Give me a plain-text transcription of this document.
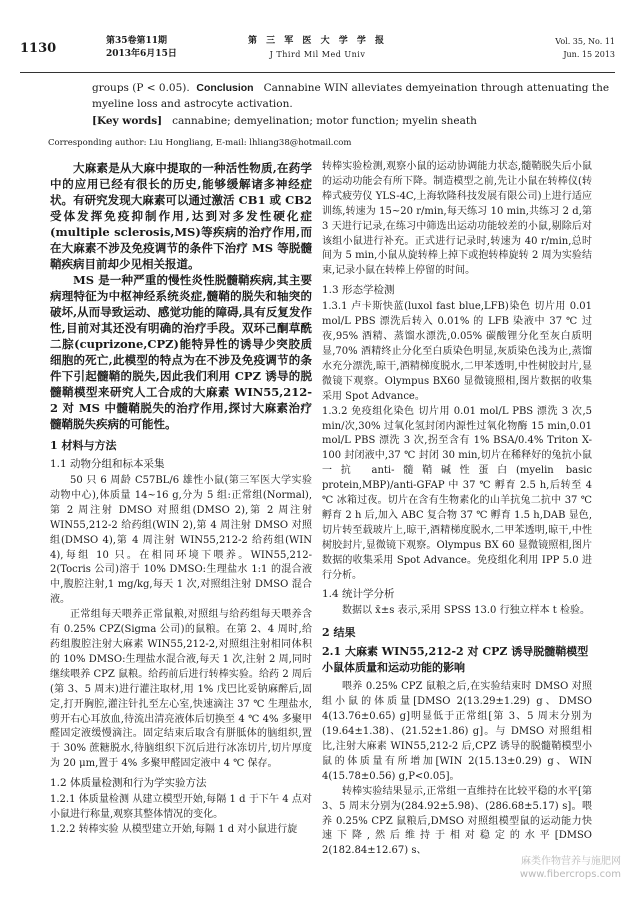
1130	第35卷第11期
2013年6月15日
第 三 军 医 大 学 学 报
J Third Mil Med Univ
Vol. 35, No. 11
Jun. 15 2013
groups (P < 0.05). Conclusion Cannabine WIN alleviates demyeination through attenuating the myeline loss and astrocyte activation.
[Key words] cannabine; demyelination; motor function; myelin sheath
Corresponding author: Liu Hongliang, E-mail: lhliang38@hotmail.com

大麻素是从大麻中提取的一种活性物质,在药学中的应用已经有很长的历史,能够缓解诸多神经症状。有研究发现大麻素可以通过激活 CB1 或 CB2 受体发挥免疫抑制作用,达到对多发性硬化症(multiple sclerosis,MS)等疾病的治疗作用,而在大麻素不涉及免疫调节的条件下治疗 MS 等脱髓鞘疾病目前却少见相关报道。

MS 是一种严重的慢性炎性脱髓鞘疾病,其主要病理特征为中枢神经系统炎症,髓鞘的脱失和轴突的破坏,从而导致运动、感觉功能的障碍,具有反复发作性,目前对其还没有明确的治疗手段。双环己酮草酰二腙(cuprizone,CPZ)能特异性的诱导少突胶质细胞的死亡,此模型的特点为在不涉及免疫调节的条件下引起髓鞘的脱失,因此我们利用 CPZ 诱导的脱髓鞘模型来研究人工合成的大麻素 WIN55,212-2 对 MS 中髓鞘脱失的治疗作用,探讨大麻素治疗髓鞘脱失疾病的可能性。

1 材料与方法
1.1 动物分组和标本采集

50 只 6 周龄 C57BL/6 雄性小鼠(第三军医大学实验动物中心),体质量 14~16 g,分为 5 组:正常组(Normal),第 2 周注射 DMSO 对照组(DMSO 2),第 2 周注射 WIN55,212-2 给药组(WIN 2),第 4 周注射 DMSO 对照组(DMSO 4),第 4 周注射 WIN55,212-2 给药组(WIN 4),每组 10 只。在相同环境下喂养。WIN55,212-2(Tocris 公司)溶于 10% DMSO:生理盐水 1:1 的混合液中,腹腔注射,1 mg/kg,每天 1 次,对照组注射 DMSO 混合液。

正常组每天喂养正常鼠粮,对照组与给药组每天喂养含有 0.25% CPZ(Sigma 公司)的鼠粮。在第 2、4 周时,给药组腹腔注射大麻素 WIN55,212-2,对照组注射相同体积的 10% DMSO:生理盐水混合液,每天 1 次,注射 2 周,同时继续喂养 CPZ 鼠粮。给药前后进行转棒实验。给药 2 周后(第 3、5 周末)进行灌注取材,用 1% 戊巴比妥钠麻醉后,固定,打开胸腔,灌注针扎至左心室,快速滴注 37 ℃ 生理盐水,剪开右心耳放血,待流出清亮液体后切换至 4 ℃ 4% 多聚甲醛固定液缓慢滴注。固定结束后取含有胼胝体的脑组织,置于 30% 蔗糖脱水,待脑组织下沉后进行冰冻切片,切片厚度为 20 μm,置于 4% 多聚甲醛固定液中 4 ℃ 保存。

1.2 体质量检测和行为学实验方法

1.2.1 体质量检测 从建立模型开始,每隔 1 d 于下午 4 点对小鼠进行称量,观察其整体情况的变化。

1.2.2 转棒实验 从模型建立开始,每隔 1 d 对小鼠进行旋

转棒实验检测,观察小鼠的运动协调能力状态,髓鞘脱失后小鼠的运动功能会有所下降。制造模型之前,先让小鼠在转棒仪(转棒式疲劳仪 YLS-4C,上海软隆科技发展有限公司)上进行适应训练,转速为 15~20 r/min,每天练习 10 min,共练习 2 d,第 3 天进行记录,在练习中筛选出运动功能较差的小鼠,剔除后对该组小鼠进行补充。正式进行记录时,转速为 40 r/min,总时间为 5 min,小鼠从旋转棒上掉下或抱转棒旋转 2 周为实验结束,记录小鼠在转棒上停留的时间。

1.3 形态学检测

1.3.1 卢卡斯快蓝(luxol fast blue,LFB)染色 切片用 0.01 mol/L PBS 漂洗后转入 0.01% 的 LFB 染液中 37 ℃ 过夜,95% 酒精、蒸馏水漂洗,0.05% 碳酸锂分化至灰白质明显,70% 酒精终止分化至白质染色明显,灰质染色浅为止,蒸馏水充分漂洗,晾干,酒精梯度脱水,二甲苯透明,中性树胶封片,显微镜下观察。Olympus BX60 显微镜照相,图片数据的收集采用 Spot Advance。

1.3.2 免疫组化染色 切片用 0.01 mol/L PBS 漂洗 3 次,5 min/次,30% 过氧化氢封闭内源性过氧化物酶 15 min,0.01 mol/L PBS 漂洗 3 次,拐至含有 1% BSA/0.4% Triton X-100 封闭液中,37 ℃ 封闭 30 min,切片在稀释好的兔抗小鼠一抗 anti-髓鞘碱性蛋白(myelin basic protein,MBP)/anti-GFAP 中 37 ℃ 孵育 2.5 h,后转至 4 ℃ 冰箱过夜。切片在含有生物素化的山羊抗兔二抗中 37 ℃ 孵育 2 h 后,加入 ABC 复合物 37 ℃ 孵育 1.5 h,DAB 显色,切片转至载玻片上,晾干,酒精梯度脱水,二甲苯透明,晾干,中性树胶封片,显微镜下观察。Olympus BX 60 显微镜照相,图片数据的收集采用 Spot Advance。免疫组化利用 IPP 5.0 进行分析。

1.4 统计学分析

数据以 x̄±s 表示,采用 SPSS 13.0 行独立样本 t 检验。

2 结果
2.1 大麻素 WIN55,212-2 对 CPZ 诱导脱髓鞘模型小鼠体质量和运动功能的影响

喂养 0.25% CPZ 鼠粮之后,在实验结束时 DMSO 对照组小鼠的体质量[DMSO 2(13.29±1.29) g、DMSO 4(13.76±0.65) g]明显低于正常组[第 3、5 周末分别为(19.64±1.38)、(21.52±1.86) g]。与 DMSO 对照组相比,注射大麻素 WIN55,212-2 后,CPZ 诱导的脱髓鞘模型小鼠的体质量有所增加[WIN 2(15.13±0.29) g、WIN 4(15.78±0.56) g,P<0.05]。

转棒实验结果显示,正常组一直维持在比较平稳的水平[第 3、5 周末分别为(284.92±5.98)、(286.68±5.17) s]。喂养 0.25% CPZ 鼠粮后,DMSO 对照组模型鼠的运动能力快速下降,然后维持于相对稳定的水平[DMSO 2(182.84±12.67) s、

麻类作物营养与施肥网
www.fibercrops.com
